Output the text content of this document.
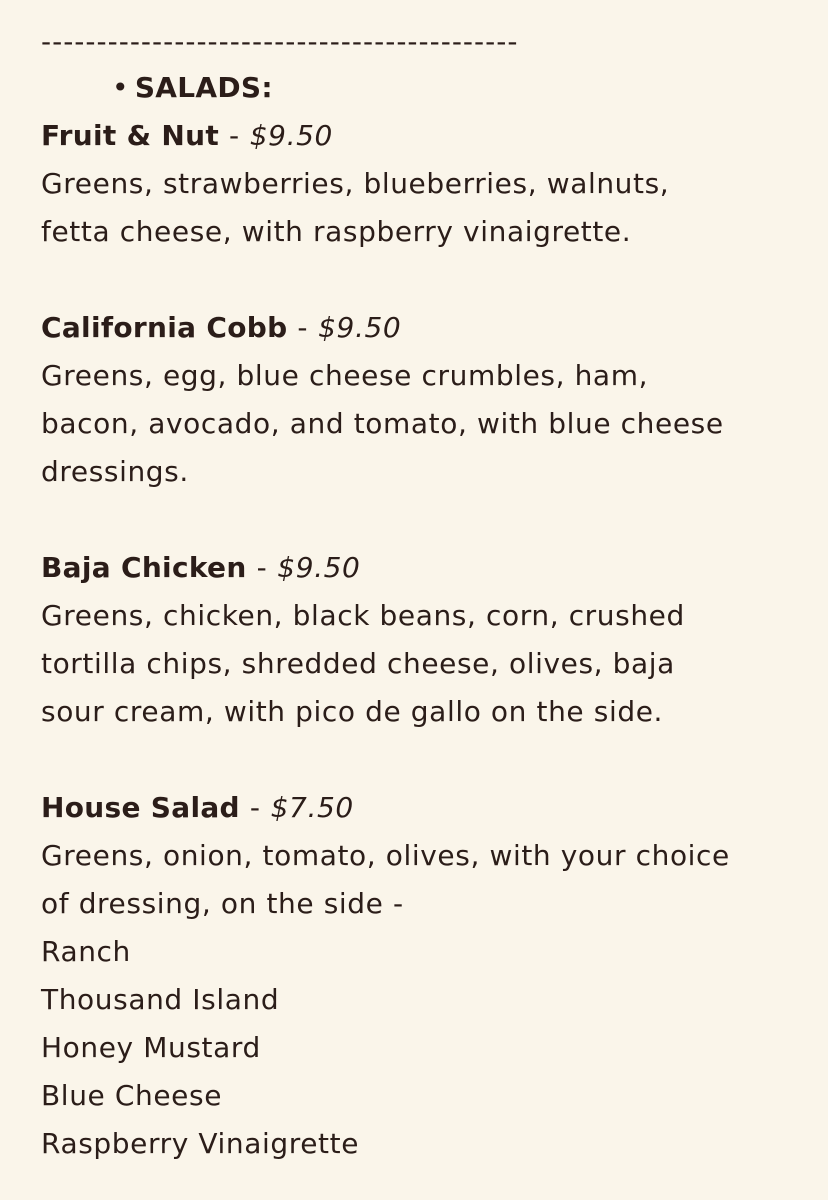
-------------------------------------------
• SALADS:
Fruit & Nut - $9.50
Greens, strawberries, blueberries, walnuts,
fetta cheese, with raspberry vinaigrette.
California Cobb - $9.50
Greens, egg, blue cheese crumbles, ham,
bacon, avocado, and tomato, with blue cheese
dressings.
Baja Chicken - $9.50
Greens, chicken, black beans, corn, crushed
tortilla chips, shredded cheese, olives, baja
sour cream, with pico de gallo on the side.
House Salad - $7.50
Greens, onion, tomato, olives, with your choice
of dressing, on the side -
Ranch
Thousand Island
Honey Mustard
Blue Cheese
Raspberry Vinaigrette
